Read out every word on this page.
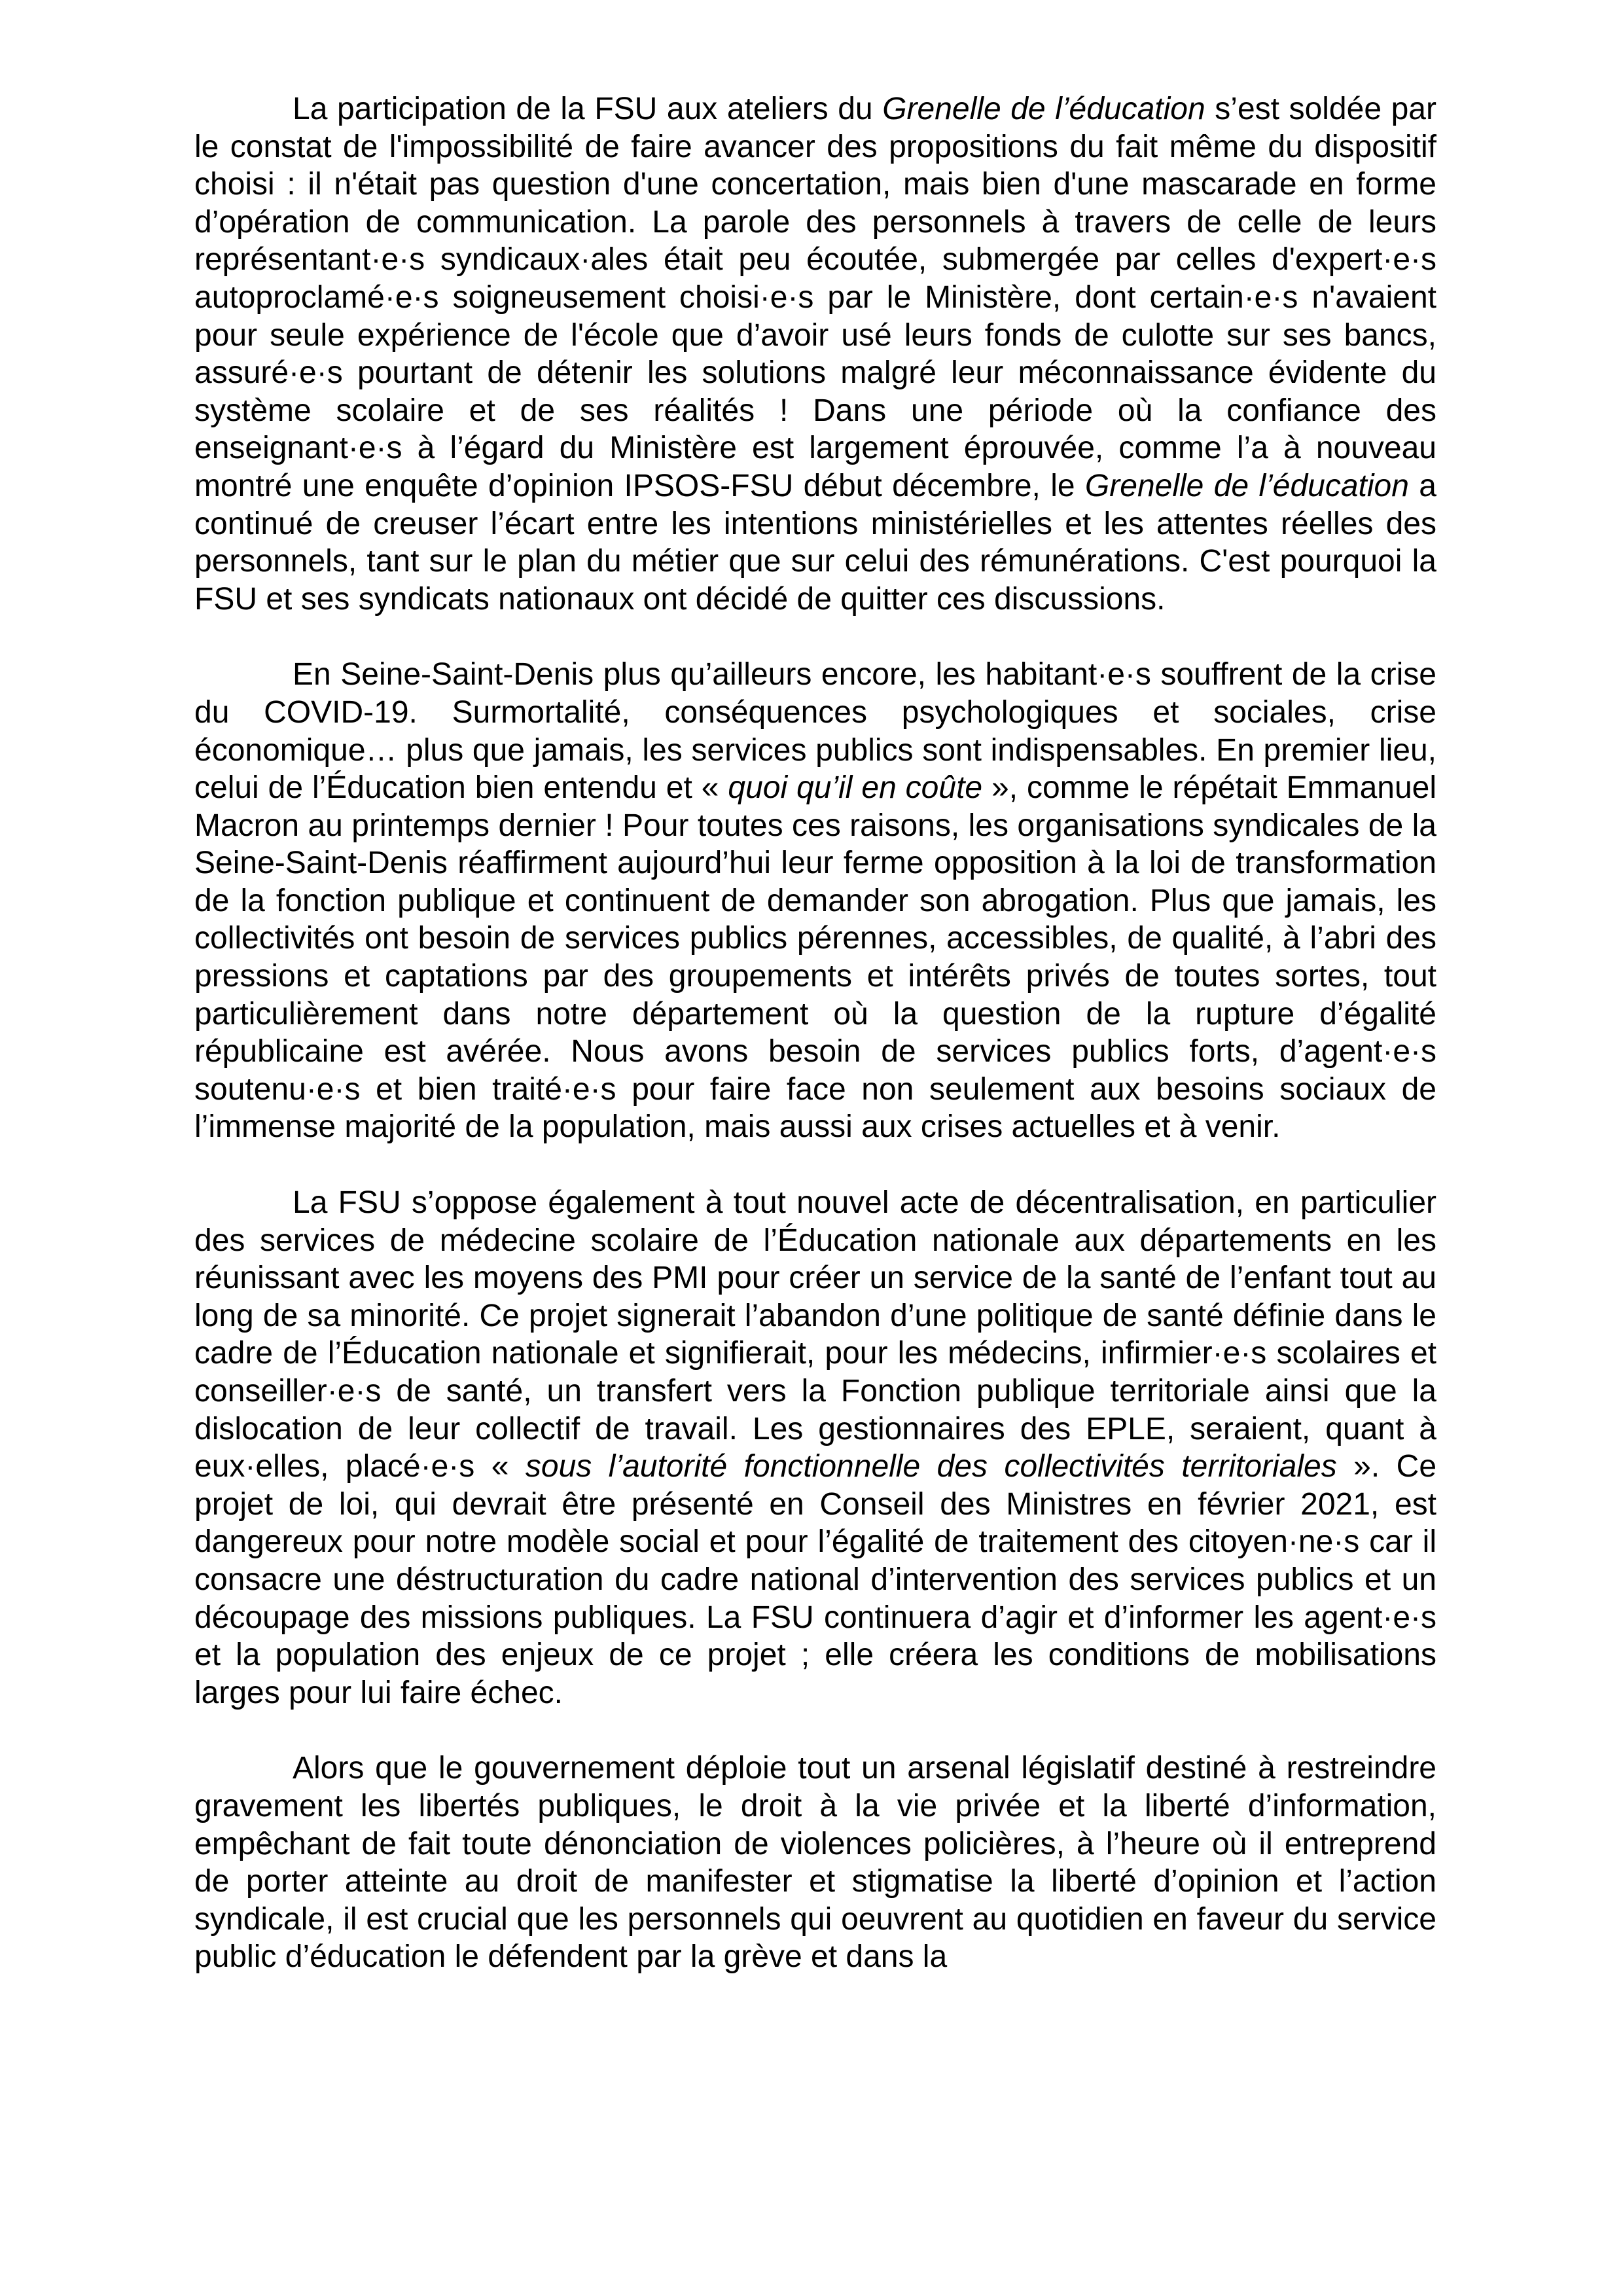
La participation de la FSU aux ateliers du Grenelle de l’éducation s’est soldée par le constat de l'impossibilité de faire avancer des propositions du fait même du dispositif choisi : il n'était pas question d'une concertation, mais bien d'une mascarade en forme d’opération de communication. La parole des personnels à travers de celle de leurs représentant·e·s syndicaux·ales était peu écoutée, submergée par celles d'expert·e·s autoproclamé·e·s soigneusement choisi·e·s par le Ministère, dont certain·e·s n'avaient pour seule expérience de l'école que d’avoir usé leurs fonds de culotte sur ses bancs, assuré·e·s pourtant de détenir les solutions malgré leur méconnaissance évidente du système scolaire et de ses réalités ! Dans une période où la confiance des enseignant·e·s à l’égard du Ministère est largement éprouvée, comme l’a à nouveau montré une enquête d’opinion IPSOS-FSU début décembre, le Grenelle de l’éducation a continué de creuser l’écart entre les intentions ministérielles et les attentes réelles des personnels, tant sur le plan du métier que sur celui des rémunérations. C'est pourquoi la FSU et ses syndicats nationaux ont décidé de quitter ces discussions.

En Seine-Saint-Denis plus qu’ailleurs encore, les habitant·e·s souffrent de la crise du COVID-19. Surmortalité, conséquences psychologiques et sociales, crise économique… plus que jamais, les services publics sont indispensables. En premier lieu, celui de l’Éducation bien entendu et « quoi qu’il en coûte », comme le répétait Emmanuel Macron au printemps dernier ! Pour toutes ces raisons, les organisations syndicales de la Seine-Saint-Denis réaffirment aujourd’hui leur ferme opposition à la loi de transformation de la fonction publique et continuent de demander son abrogation. Plus que jamais, les collectivités ont besoin de services publics pérennes, accessibles, de qualité, à l’abri des pressions et captations par des groupements et intérêts privés de toutes sortes, tout particulièrement dans notre département où la question de la rupture d’égalité républicaine est avérée. Nous avons besoin de services publics forts, d’agent·e·s soutenu·e·s et bien traité·e·s pour faire face non seulement aux besoins sociaux de l’immense majorité de la population, mais aussi aux crises actuelles et à venir.

La FSU s’oppose également à tout nouvel acte de décentralisation, en particulier des services de médecine scolaire de l’Éducation nationale aux départements en les réunissant avec les moyens des PMI pour créer un service de la santé de l’enfant tout au long de sa minorité. Ce projet signerait l’abandon d’une politique de santé définie dans le cadre de l’Éducation nationale et signifierait, pour les médecins, infirmier·e·s scolaires et conseiller·e·s de santé, un transfert vers la Fonction publique territoriale ainsi que la dislocation de leur collectif de travail. Les gestionnaires des EPLE, seraient, quant à eux·elles, placé·e·s « sous l’autorité fonctionnelle des collectivités territoriales ». Ce projet de loi, qui devrait être présenté en Conseil des Ministres en février 2021, est dangereux pour notre modèle social et pour l’égalité de traitement des citoyen·ne·s car il consacre une déstructuration du cadre national d’intervention des services publics et un découpage des missions publiques. La FSU continuera d’agir et d’informer les agent·e·s et la population des enjeux de ce projet ; elle créera les conditions de mobilisations larges pour lui faire échec.

Alors que le gouvernement déploie tout un arsenal législatif destiné à restreindre gravement les libertés publiques, le droit à la vie privée et la liberté d’information, empêchant de fait toute dénonciation de violences policières, à l’heure où il entreprend de porter atteinte au droit de manifester et stigmatise la liberté d’opinion et l’action syndicale, il est crucial que les personnels qui oeuvrent au quotidien en faveur du service public d’éducation le défendent par la grève et dans la
